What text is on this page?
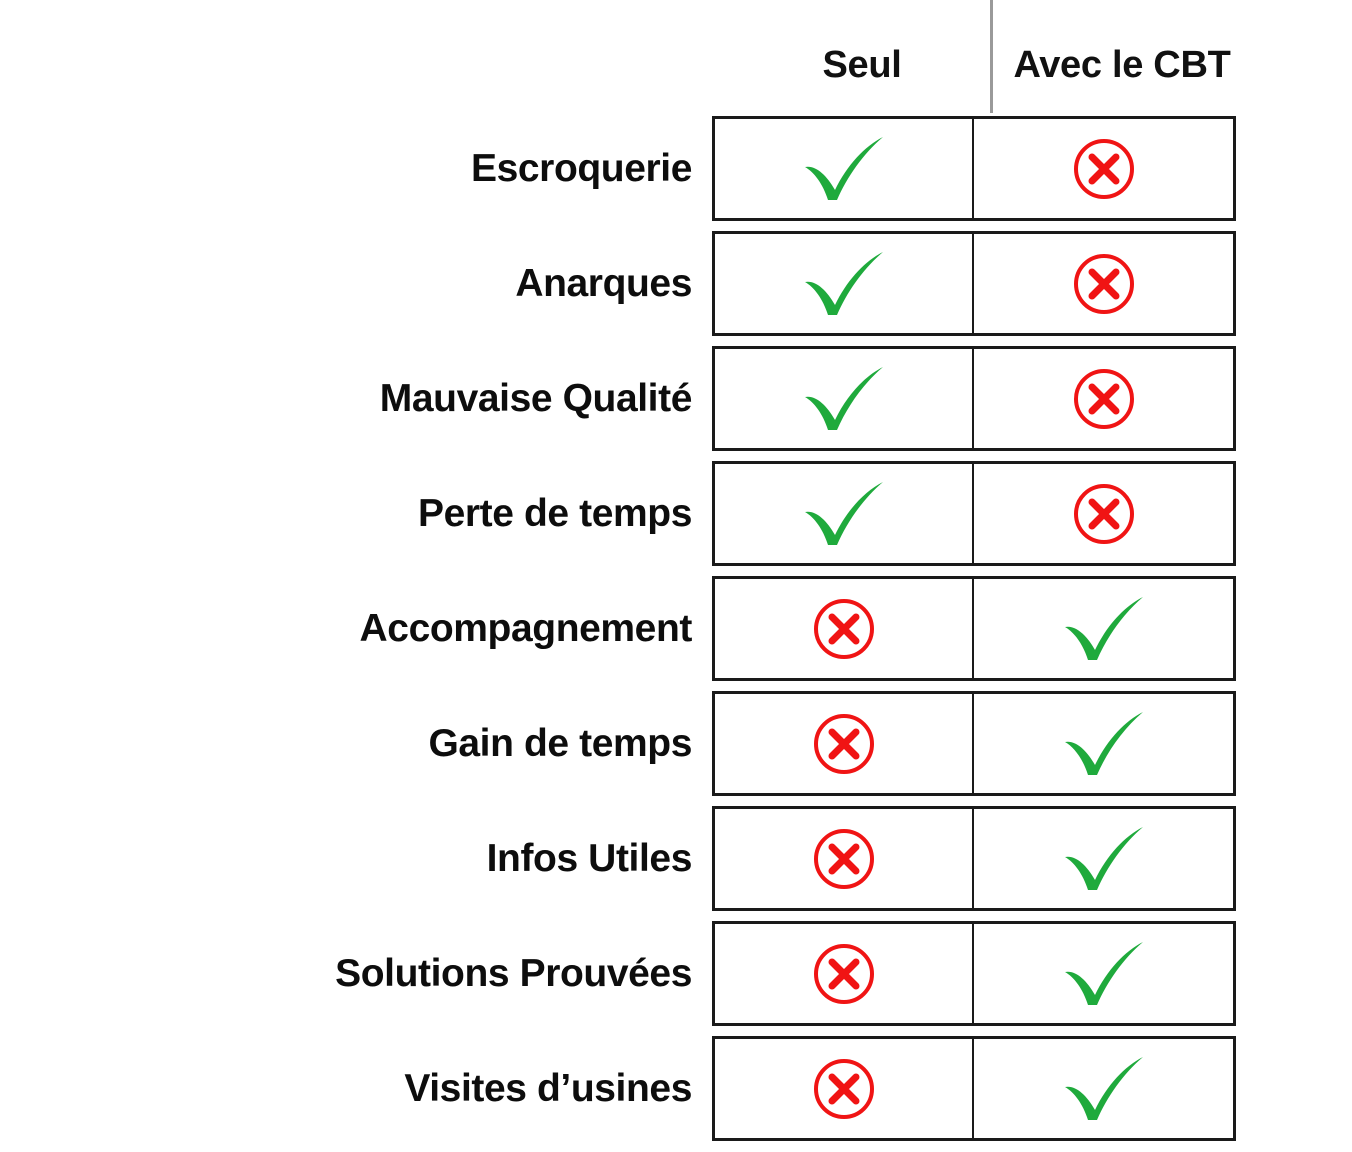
Seul	Avec le CBT
Escroquerie
Anarques
Mauvaise Qualité
Perte de temps
Accompagnement
Gain de temps
Infos Utiles
Solutions Prouvées
Visites d’usines
